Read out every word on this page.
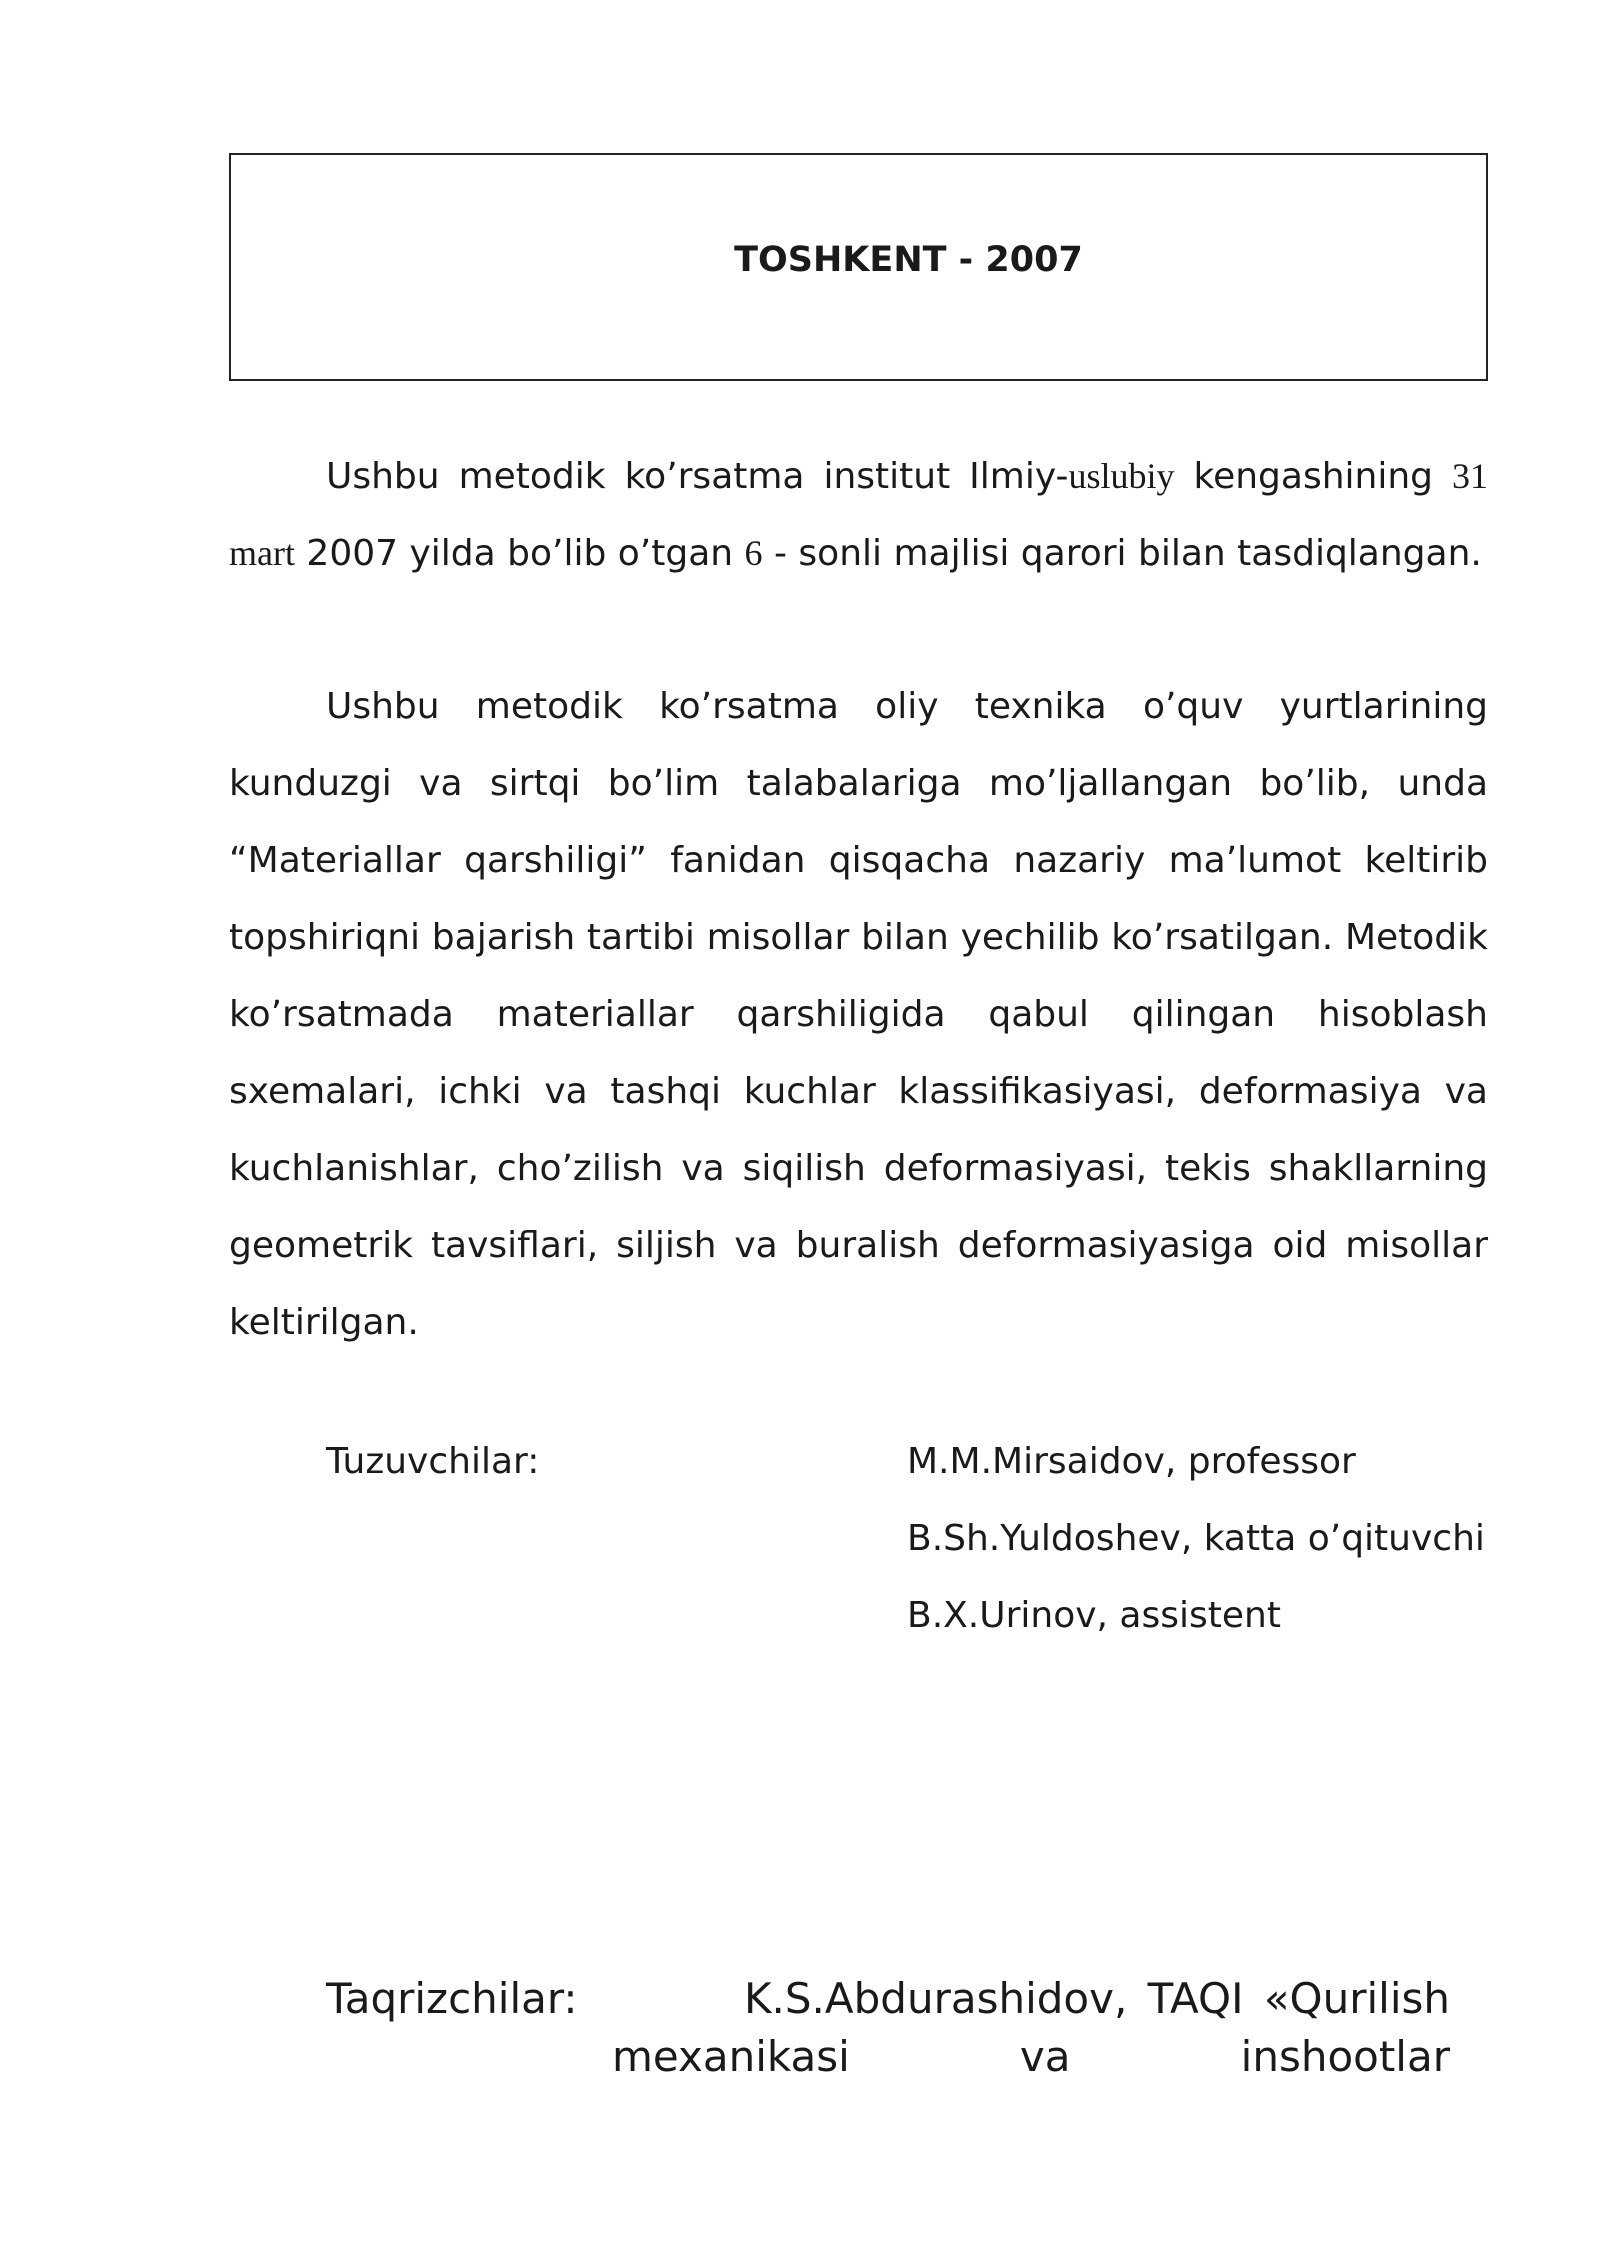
TOSHKENT - 2007
Ushbu metodik ko’rsatma institut Ilmiy-uslubiy kengashining 31 mart 2007 yilda bo’lib o’tgan 6 - sonli majlisi qarori bilan tasdiqlangan.
Ushbu metodik ko’rsatma oliy texnika o’quv yurtlarining kunduzgi va sirtqi bo’lim talabalariga mo’ljallangan bo’lib, unda “Materiallar qarshiligi” fanidan qisqacha nazariy ma’lumot keltirib topshiriqni bajarish tartibi misollar bilan yechilib ko’rsatilgan. Metodik ko’rsatmada materiallar qarshiligida qabul qilingan hisoblash sxemalari, ichki va tashqi kuchlar klassifikasiyasi, deformasiya va kuchlanishlar, cho’zilish va siqilish deformasiyasi, tekis shakllarning geometrik tavsiflari, siljish va buralish deformasiyasiga oid misollar keltirilgan.
Tuzuvchilar:	M.M.Mirsaidov, professor
B.Sh.Yuldoshev, katta o’qituvchi
B.X.Urinov, assistent
Taqrizchilar:	K.S.Abdurashidov, TAQI «Qurilish
mexanikasi	va	inshootlar
